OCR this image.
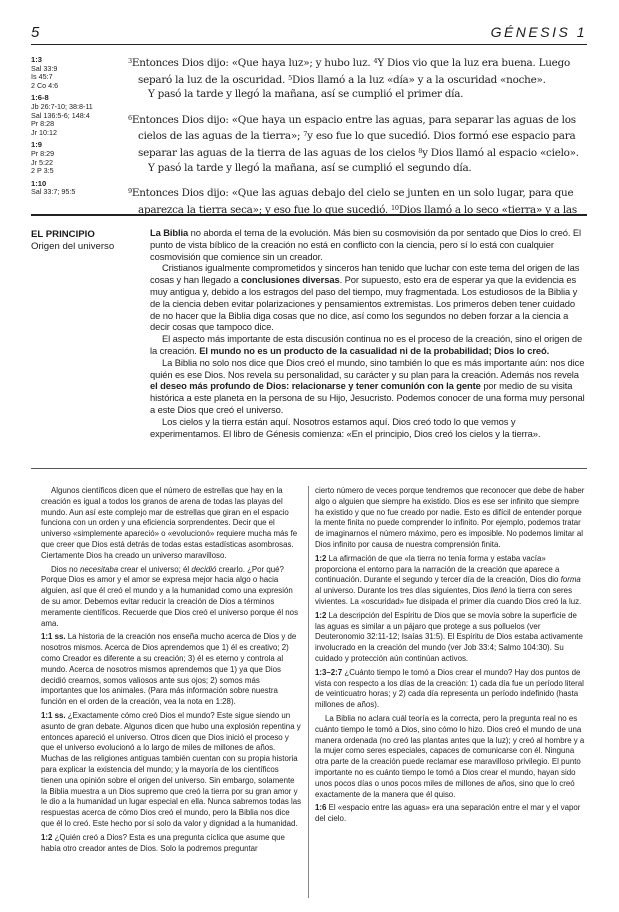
5	GÉNESIS 1
1:3
Sal 33:9
Is 45:7
2 Co 4:6
1:6-8
Jb 26:7-10; 38:8-11
Sal 136:5-6; 148:4
Pr 8:28
Jr 10:12
1:9
Pr 8:29
Jr 5:22
2 P 3:5
1:10
Sal 33:7; 95:5

$^3$Entonces Dios dijo: «Que haya luz»; y hubo luz. $^4$Y Dios vio que la luz era buena. Luego separó la luz de la oscuridad. $^5$Dios llamó a la luz «día» y a la oscuridad «noche».
Y pasó la tarde y llegó la mañana, así se cumplió el primer día.

$^6$Entonces Dios dijo: «Que haya un espacio entre las aguas, para separar las aguas de los cielos de las aguas de la tierra»; $^7$y eso fue lo que sucedió. Dios formó ese espacio para separar las aguas de la tierra de las aguas de los cielos $^8$y Dios llamó al espacio «cielo».
Y pasó la tarde y llegó la mañana, así se cumplió el segundo día.

$^9$Entonces Dios dijo: «Que las aguas debajo del cielo se junten en un solo lugar, para que aparezca la tierra seca»; y eso fue lo que sucedió. $^{10}$Dios llamó a lo seco «tierra» y a las

EL PRINCIPIO
Origen del universo

La Biblia no aborda el tema de la evolución. Más bien su cosmovisión da por sentado que Dios lo creó. El punto de vista bíblico de la creación no está en conflicto con la ciencia, pero sí lo está con cualquier cosmovisión que comience sin un creador.

Cristianos igualmente comprometidos y sinceros han tenido que luchar con este tema del origen de las cosas y han llegado a conclusiones diversas. Por supuesto, esto era de esperar ya que la evidencia es muy antigua y, debido a los estragos del paso del tiempo, muy fragmentada. Los estudiosos de la Biblia y de la ciencia deben evitar polarizaciones y pensamientos extremistas. Los primeros deben tener cuidado de no hacer que la Biblia diga cosas que no dice, así como los segundos no deben forzar a la ciencia a decir cosas que tampoco dice.

El aspecto más importante de esta discusión continua no es el proceso de la creación, sino el origen de la creación. El mundo no es un producto de la casualidad ni de la probabilidad; Dios lo creó.

La Biblia no solo nos dice que Dios creó el mundo, sino también lo que es más importante aún: nos dice quién es ese Dios. Nos revela su personalidad, su carácter y su plan para la creación. Además nos revela el deseo más profundo de Dios: relacionarse y tener comunión con la gente por medio de su visita histórica a este planeta en la persona de su Hijo, Jesucristo. Podemos conocer de una forma muy personal a este Dios que creó el universo.

Los cielos y la tierra están aquí. Nosotros estamos aquí. Dios creó todo lo que vemos y experimentamos. El libro de Génesis comienza: «En el principio, Dios creó los cielos y la tierra».

Algunos científicos dicen que el número de estrellas que hay en la creación es igual a todos los granos de arena de todas las playas del mundo. Aun así este complejo mar de estrellas que giran en el espacio funciona con un orden y una eficiencia sorprendentes. Decir que el universo «simplemente apareció» o «evolucionó» requiere mucha más fe que creer que Dios está detrás de todas estas estadísticas asombrosas. Ciertamente Dios ha creado un universo maravilloso.

Dios no necesitaba crear el universo; él decidió crearlo. ¿Por qué? Porque Dios es amor y el amor se expresa mejor hacia algo o hacia alguien, así que él creó el mundo y a la humanidad como una expresión de su amor. Debemos evitar reducir la creación de Dios a términos meramente científicos. Recuerde que Dios creó el universo porque él nos ama.

1:1 ss. La historia de la creación nos enseña mucho acerca de Dios y de nosotros mismos. Acerca de Dios aprendemos que 1) él es creativo; 2) como Creador es diferente a su creación; 3) él es eterno y controla al mundo. Acerca de nosotros mismos aprendemos que 1) ya que Dios decidió crearnos, somos valiosos ante sus ojos; 2) somos más importantes que los animales. (Para más información sobre nuestra función en el orden de la creación, vea la nota en 1:28).

1:1 ss. ¿Exactamente cómo creó Dios el mundo? Este sigue siendo un asunto de gran debate. Algunos dicen que hubo una explosión repentina y entonces apareció el universo. Otros dicen que Dios inició el proceso y que el universo evolucionó a lo largo de miles de millones de años. Muchas de las religiones antiguas también cuentan con su propia historia para explicar la existencia del mundo; y la mayoría de los científicos tienen una opinión sobre el origen del universo. Sin embargo, solamente la Biblia muestra a un Dios supremo que creó la tierra por su gran amor y le dio a la humanidad un lugar especial en ella. Nunca sabremos todas las respuestas acerca de cómo Dios creó el mundo, pero la Biblia nos dice que él lo creó. Este hecho por sí solo da valor y dignidad a la humanidad.

1:2 ¿Quién creó a Dios? Esta es una pregunta cíclica que asume que había otro creador antes de Dios. Solo la podremos preguntar

cierto número de veces porque tendremos que reconocer que debe de haber algo o alguien que siempre ha existido. Dios es ese ser infinito que siempre ha existido y que no fue creado por nadie. Esto es difícil de entender porque la mente finita no puede comprender lo infinito. Por ejemplo, podemos tratar de imaginarnos el número máximo, pero es imposible. No podemos limitar al Dios infinito por causa de nuestra comprensión finita.

1:2 La afirmación de que «la tierra no tenía forma y estaba vacía» proporciona el entorno para la narración de la creación que aparece a continuación. Durante el segundo y tercer día de la creación, Dios dio forma al universo. Durante los tres días siguientes, Dios llenó la tierra con seres vivientes. La «oscuridad» fue disipada el primer día cuando Dios creó la luz.

1:2 La descripción del Espíritu de Dios que se movía sobre la superficie de las aguas es similar a un pájaro que protege a sus polluelos (ver Deuteronomio 32:11-12; Isaías 31:5). El Espíritu de Dios estaba activamente involucrado en la creación del mundo (ver Job 33:4; Salmo 104:30). Su cuidado y protección aún continúan activos.

1:3–2:7 ¿Cuánto tiempo le tomó a Dios crear el mundo? Hay dos puntos de vista con respecto a los días de la creación: 1) cada día fue un período literal de veinticuatro horas; y 2) cada día representa un período indefinido (hasta millones de años).

La Biblia no aclara cuál teoría es la correcta, pero la pregunta real no es cuánto tiempo le tomó a Dios, sino cómo lo hizo. Dios creó el mundo de una manera ordenada (no creó las plantas antes que la luz); y creó al hombre y a la mujer como seres especiales, capaces de comunicarse con él. Ninguna otra parte de la creación puede reclamar ese maravilloso privilegio. El punto importante no es cuánto tiempo le tomó a Dios crear el mundo, hayan sido unos pocos días o unos pocos miles de millones de años, sino que lo creó exactamente de la manera que él quiso.

1:6 El «espacio entre las aguas» era una separación entre el mar y el vapor del cielo.
